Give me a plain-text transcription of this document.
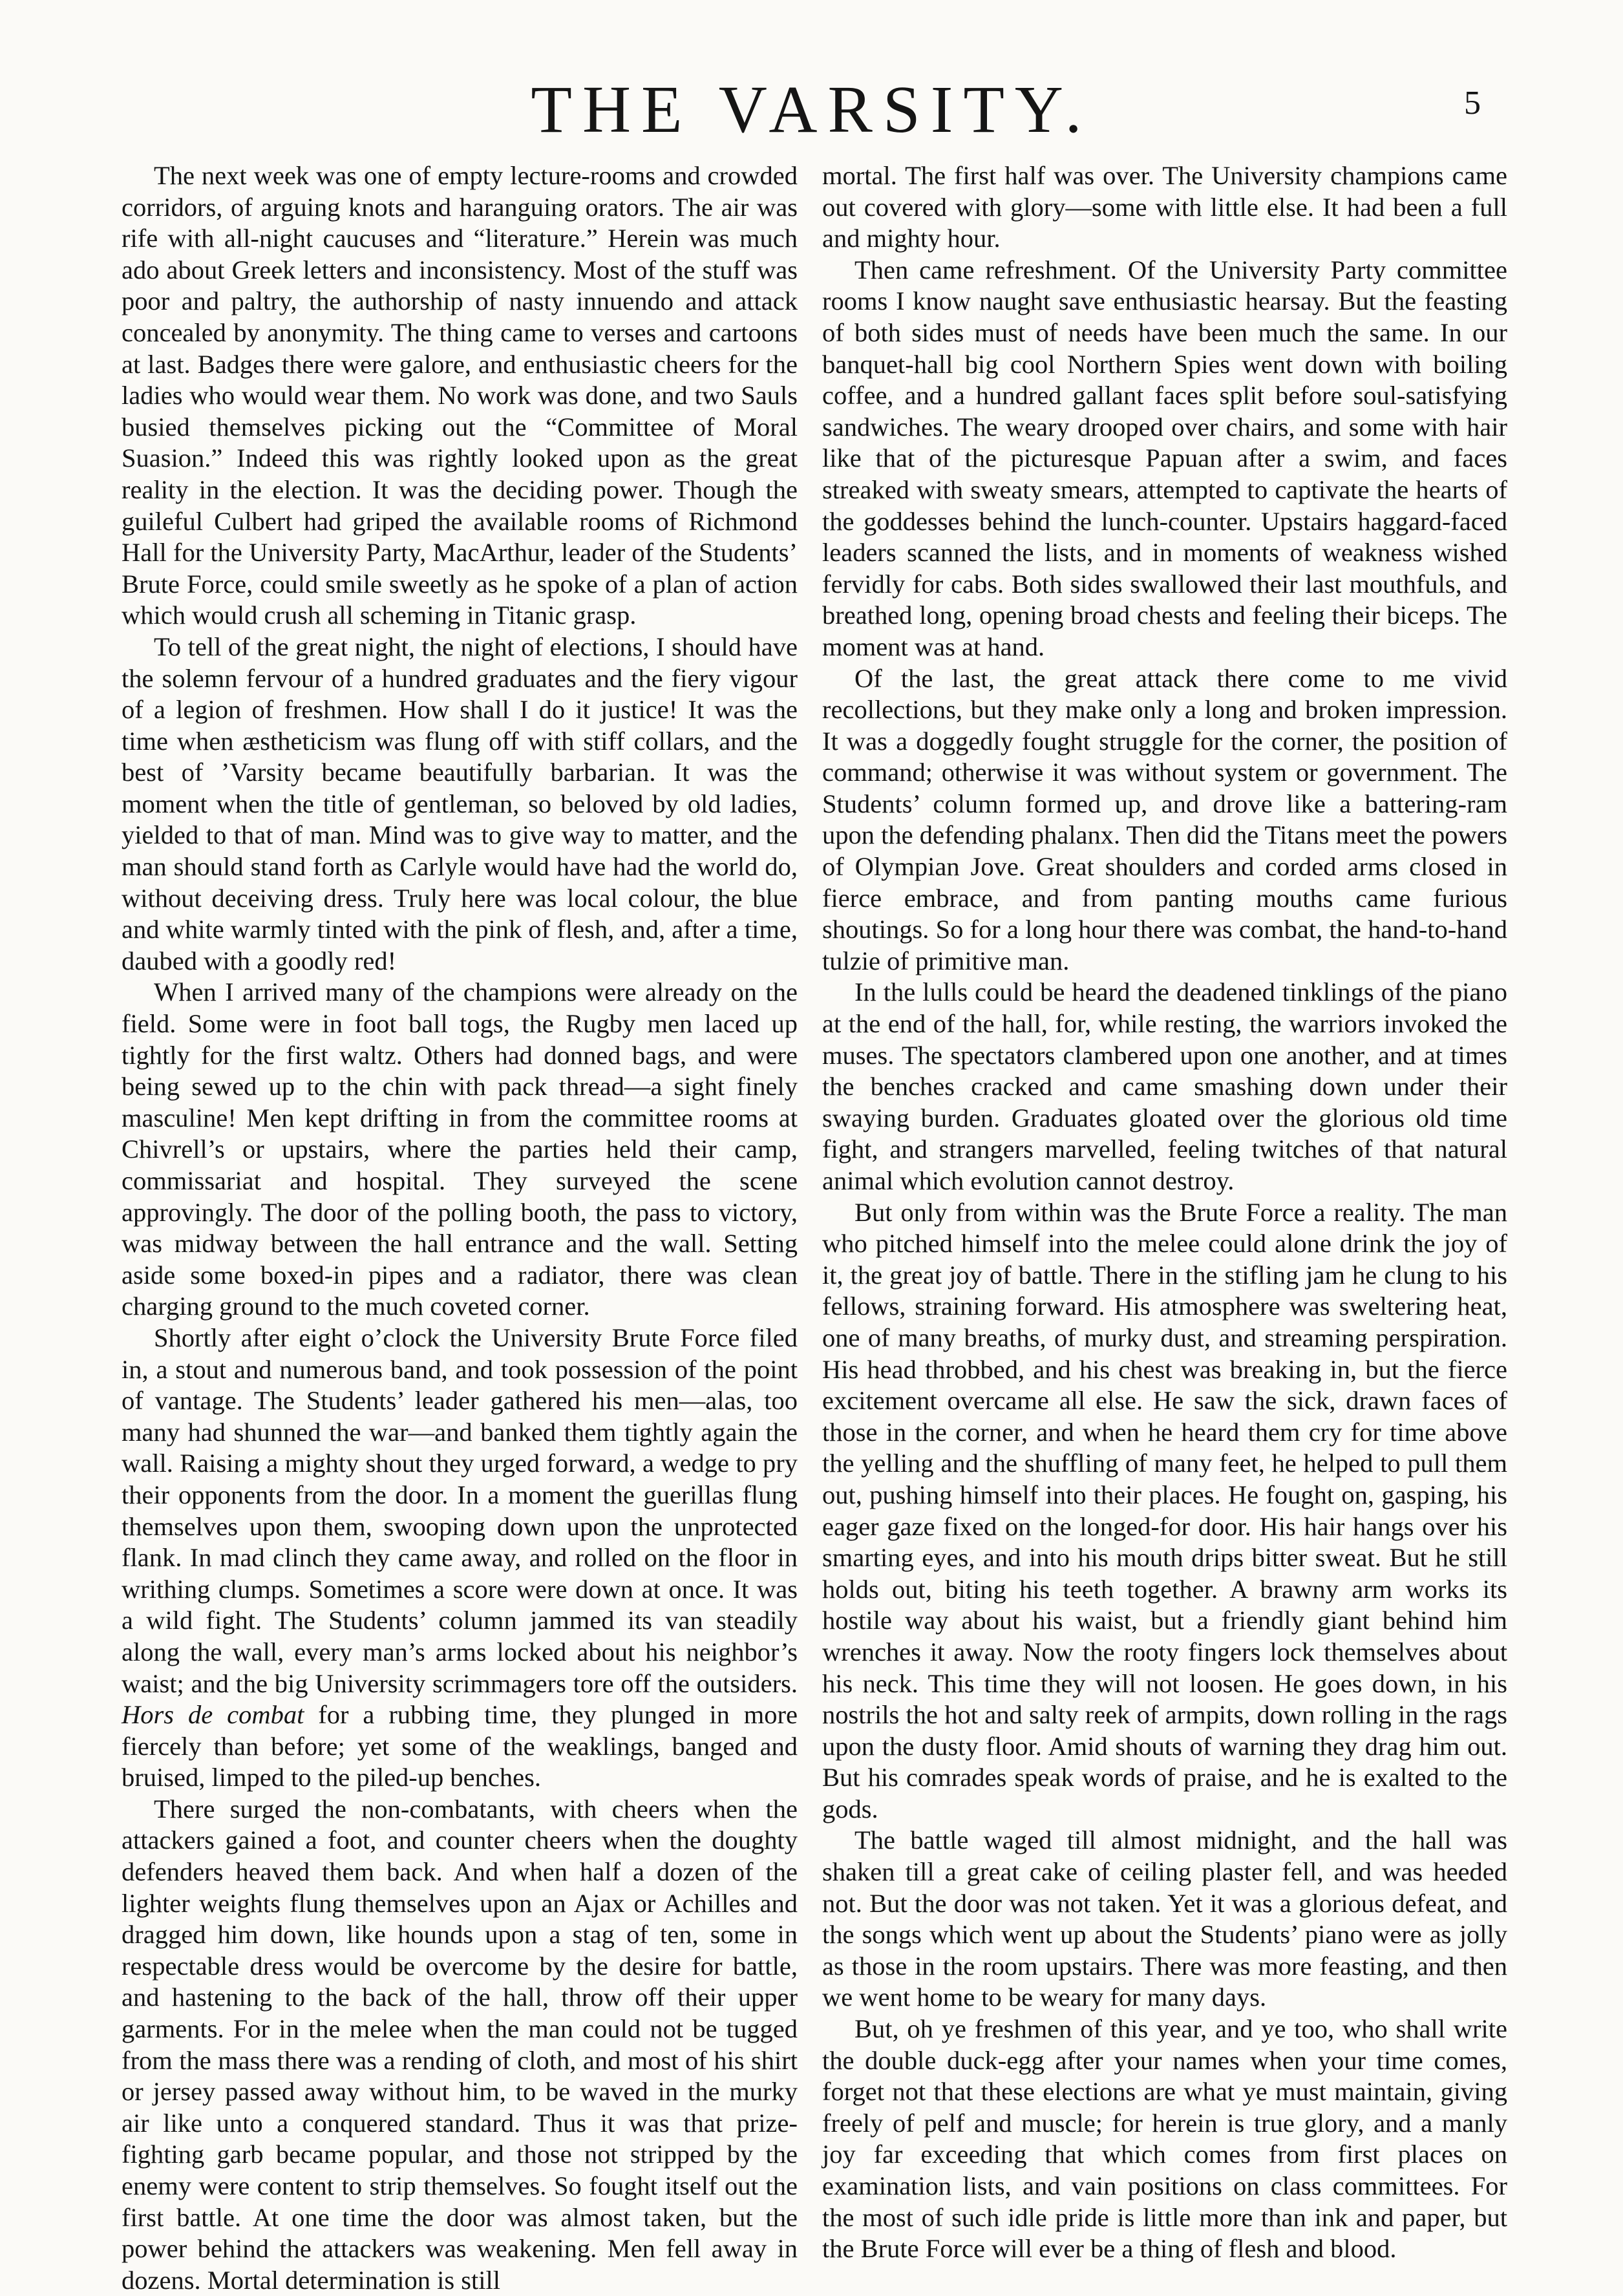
THE VARSITY.	5

The next week was one of empty lecture-rooms and crowded corridors, of arguing knots and haranguing orators. The air was rife with all-night caucuses and “literature.” Herein was much ado about Greek letters and inconsistency. Most of the stuff was poor and paltry, the authorship of nasty innuendo and attack concealed by anonymity. The thing came to verses and cartoons at last. Badges there were galore, and enthusiastic cheers for the ladies who would wear them. No work was done, and two Sauls busied themselves picking out the “Committee of Moral Suasion.” Indeed this was rightly looked upon as the great reality in the election. It was the deciding power. Though the guileful Culbert had griped the available rooms of Richmond Hall for the University Party, MacArthur, leader of the Students’ Brute Force, could smile sweetly as he spoke of a plan of action which would crush all scheming in Titanic grasp.

To tell of the great night, the night of elections, I should have the solemn fervour of a hundred graduates and the fiery vigour of a legion of freshmen. How shall I do it justice! It was the time when æstheticism was flung off with stiff collars, and the best of ’Varsity became beautifully barbarian. It was the moment when the title of gentleman, so beloved by old ladies, yielded to that of man. Mind was to give way to matter, and the man should stand forth as Carlyle would have had the world do, without deceiving dress. Truly here was local colour, the blue and white warmly tinted with the pink of flesh, and, after a time, daubed with a goodly red!

When I arrived many of the champions were already on the field. Some were in foot ball togs, the Rugby men laced up tightly for the first waltz. Others had donned bags, and were being sewed up to the chin with pack thread—a sight finely masculine! Men kept drifting in from the committee rooms at Chivrell’s or upstairs, where the parties held their camp, commissariat and hospital. They surveyed the scene approvingly. The door of the polling booth, the pass to victory, was midway between the hall entrance and the wall. Setting aside some boxed-in pipes and a radiator, there was clean charging ground to the much coveted corner.

Shortly after eight o’clock the University Brute Force filed in, a stout and numerous band, and took possession of the point of vantage. The Students’ leader gathered his men—alas, too many had shunned the war—and banked them tightly again the wall. Raising a mighty shout they urged forward, a wedge to pry their opponents from the door. In a moment the guerillas flung themselves upon them, swooping down upon the unprotected flank. In mad clinch they came away, and rolled on the floor in writhing clumps. Sometimes a score were down at once. It was a wild fight. The Students’ column jammed its van steadily along the wall, every man’s arms locked about his neighbor’s waist; and the big University scrimmagers tore off the outsiders. Hors de combat for a rubbing time, they plunged in more fiercely than before; yet some of the weaklings, banged and bruised, limped to the piled-up benches.

There surged the non-combatants, with cheers when the attackers gained a foot, and counter cheers when the doughty defenders heaved them back. And when half a dozen of the lighter weights flung themselves upon an Ajax or Achilles and dragged him down, like hounds upon a stag of ten, some in respectable dress would be overcome by the desire for battle, and hastening to the back of the hall, throw off their upper garments. For in the melee when the man could not be tugged from the mass there was a rending of cloth, and most of his shirt or jersey passed away without him, to be waved in the murky air like unto a conquered standard. Thus it was that prize-fighting garb became popular, and those not stripped by the enemy were content to strip themselves. So fought itself out the first battle. At one time the door was almost taken, but the power behind the attackers was weakening. Men fell away in dozens. Mortal determination is still

mortal. The first half was over. The University champions came out covered with glory—some with little else. It had been a full and mighty hour.

Then came refreshment. Of the University Party committee rooms I know naught save enthusiastic hearsay. But the feasting of both sides must of needs have been much the same. In our banquet-hall big cool Northern Spies went down with boiling coffee, and a hundred gallant faces split before soul-satisfying sandwiches. The weary drooped over chairs, and some with hair like that of the picturesque Papuan after a swim, and faces streaked with sweaty smears, attempted to captivate the hearts of the goddesses behind the lunch-counter. Upstairs haggard-faced leaders scanned the lists, and in moments of weakness wished fervidly for cabs. Both sides swallowed their last mouthfuls, and breathed long, opening broad chests and feeling their biceps. The moment was at hand.

Of the last, the great attack there come to me vivid recollections, but they make only a long and broken impression. It was a doggedly fought struggle for the corner, the position of command; otherwise it was without system or government. The Students’ column formed up, and drove like a battering-ram upon the defending phalanx. Then did the Titans meet the powers of Olympian Jove. Great shoulders and corded arms closed in fierce embrace, and from panting mouths came furious shoutings. So for a long hour there was combat, the hand-to-hand tulzie of primitive man.

In the lulls could be heard the deadened tinklings of the piano at the end of the hall, for, while resting, the warriors invoked the muses. The spectators clambered upon one another, and at times the benches cracked and came smashing down under their swaying burden. Graduates gloated over the glorious old time fight, and strangers marvelled, feeling twitches of that natural animal which evolution cannot destroy.

But only from within was the Brute Force a reality. The man who pitched himself into the melee could alone drink the joy of it, the great joy of battle. There in the stifling jam he clung to his fellows, straining forward. His atmosphere was sweltering heat, one of many breaths, of murky dust, and streaming perspiration. His head throbbed, and his chest was breaking in, but the fierce excitement overcame all else. He saw the sick, drawn faces of those in the corner, and when he heard them cry for time above the yelling and the shuffling of many feet, he helped to pull them out, pushing himself into their places. He fought on, gasping, his eager gaze fixed on the longed-for door. His hair hangs over his smarting eyes, and into his mouth drips bitter sweat. But he still holds out, biting his teeth together. A brawny arm works its hostile way about his waist, but a friendly giant behind him wrenches it away. Now the rooty fingers lock themselves about his neck. This time they will not loosen. He goes down, in his nostrils the hot and salty reek of armpits, down rolling in the rags upon the dusty floor. Amid shouts of warning they drag him out. But his comrades speak words of praise, and he is exalted to the gods.

The battle waged till almost midnight, and the hall was shaken till a great cake of ceiling plaster fell, and was heeded not. But the door was not taken. Yet it was a glorious defeat, and the songs which went up about the Students’ piano were as jolly as those in the room upstairs. There was more feasting, and then we went home to be weary for many days.

But, oh ye freshmen of this year, and ye too, who shall write the double duck-egg after your names when your time comes, forget not that these elections are what ye must maintain, giving freely of pelf and muscle; for herein is true glory, and a manly joy far exceeding that which comes from first places on examination lists, and vain positions on class committees. For the most of such idle pride is little more than ink and paper, but the Brute Force will ever be a thing of flesh and blood.
